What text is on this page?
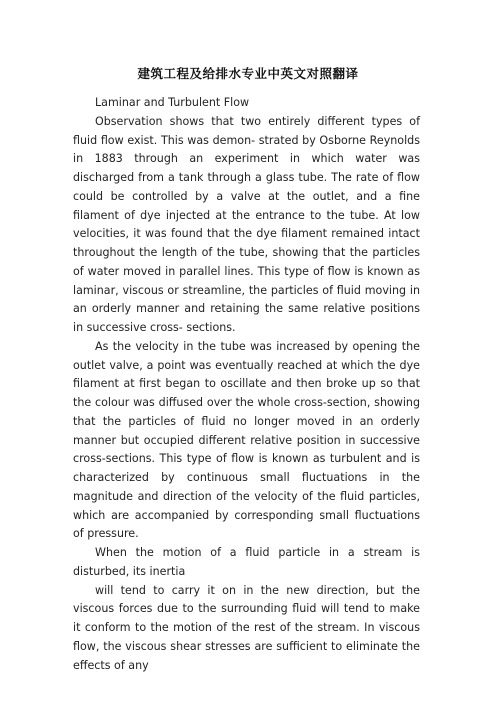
建筑工程及给排水专业中英文对照翻译

Laminar and Turbulent Flow

Observation shows that two entirely different types of fluid flow exist. This was demon- strated by Osborne Reynolds in 1883 through an experiment in which water was discharged from a tank through a glass tube. The rate of flow could be controlled by a valve at the outlet, and a fine filament of dye injected at the entrance to the tube. At low velocities, it was found that the dye filament remained intact throughout the length of the tube, showing that the particles of water moved in parallel lines. This type of flow is known as laminar, viscous or streamline, the particles of fluid moving in an orderly manner and retaining the same relative positions in successive cross- sections.

As the velocity in the tube was increased by opening the outlet valve, a point was eventually reached at which the dye filament at first began to oscillate and then broke up so that the colour was diffused over the whole cross-section, showing that the particles of fluid no longer moved in an orderly manner but occupied different relative position in successive cross-sections. This type of flow is known as turbulent and is characterized by continuous small fluctuations in the magnitude and direction of the velocity of the fluid particles, which are accompanied by corresponding small fluctuations of pressure.

When the motion of a fluid particle in a stream is disturbed, its inertia

will tend to carry it on in the new direction, but the viscous forces due to the surrounding fluid will tend to make it conform to the motion of the rest of the stream. In viscous flow, the viscous shear stresses are sufficient to eliminate the effects of any
